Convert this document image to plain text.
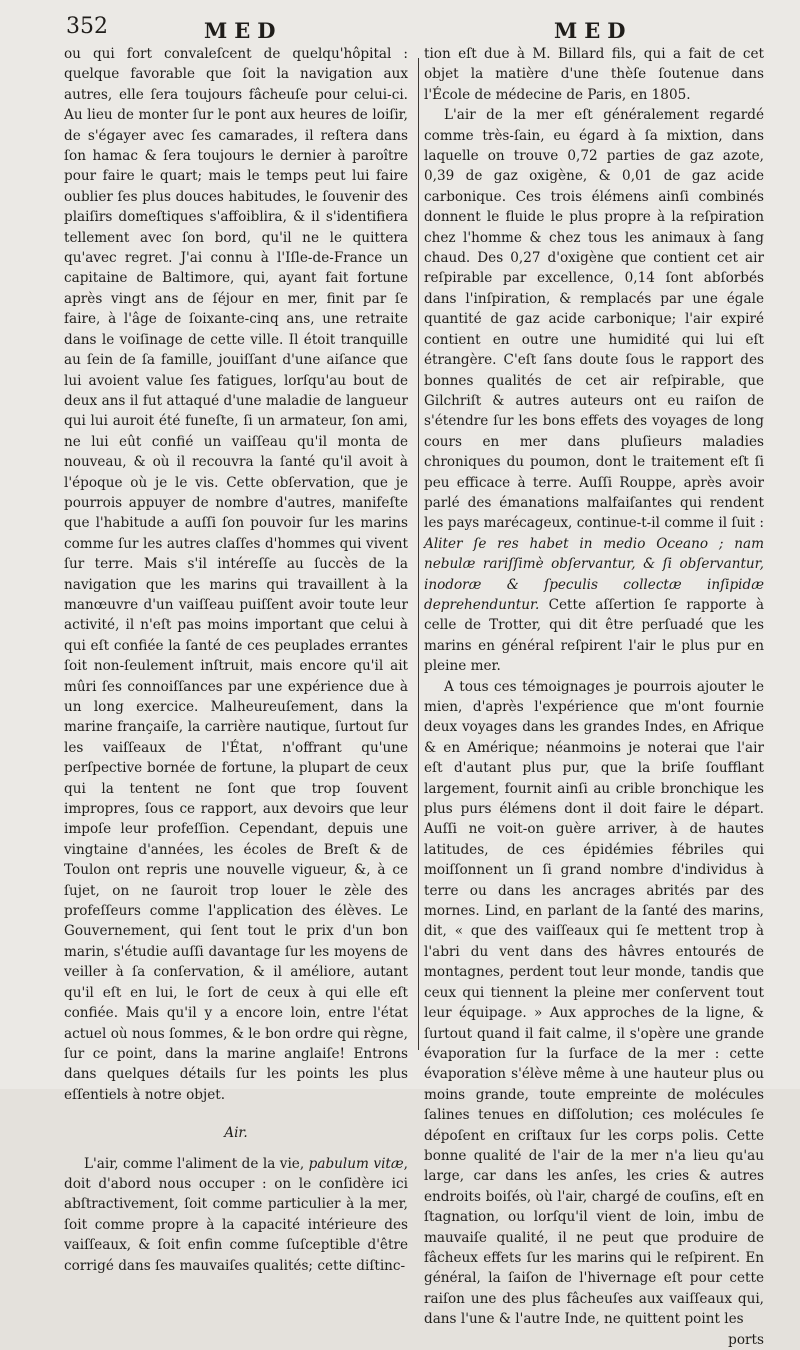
352	MED	MED

ou qui fort convaleſcent de quelqu'hôpital : quelque favorable que ſoit la navigation aux autres, elle ſera toujours fâcheuſe pour celui-ci. Au lieu de monter ſur le pont aux heures de loiſir, de s'égayer avec ſes camarades, il reſtera dans ſon hamac & ſera toujours le dernier à paroître pour faire le quart; mais le temps peut lui faire oublier ſes plus douces habitudes, le ſouvenir des plaiſirs domeſtiques s'affoiblira, & il s'identifiera tellement avec ſon bord, qu'il ne le quittera qu'avec regret. J'ai connu à l'Iſle-de-France un capitaine de Baltimore, qui, ayant fait fortune après vingt ans de ſéjour en mer, finit par ſe faire, à l'âge de ſoixante-cinq ans, une retraite dans le voiſinage de cette ville. Il étoit tranquille au ſein de ſa famille, jouiſſant d'une aiſance que lui avoient value ſes fatigues, lorſqu'au bout de deux ans il fut attaqué d'une maladie de langueur qui lui auroit été funeſte, ſi un armateur, ſon ami, ne lui eût confié un vaiſſeau qu'il monta de nouveau, & où il recouvra la ſanté qu'il avoit à l'époque où je le vis. Cette obſervation, que je pourrois appuyer de nombre d'autres, manifeſte que l'habitude a auſſi ſon pouvoir ſur les marins comme ſur les autres claſſes d'hommes qui vivent ſur terre. Mais s'il intéreſſe au ſuccès de la navigation que les marins qui travaillent à la manœuvre d'un vaiſſeau puiſſent avoir toute leur activité, il n'eſt pas moins important que celui à qui eſt confiée la ſanté de ces peuplades errantes ſoit non-ſeulement inſtruit, mais encore qu'il ait mûri ſes connoiſſances par une expérience due à un long exercice. Malheureuſement, dans la marine françaiſe, la carrière nautique, ſurtout ſur les vaiſſeaux de l'État, n'offrant qu'une perſpective bornée de fortune, la plupart de ceux qui la tentent ne ſont que trop ſouvent impropres, ſous ce rapport, aux devoirs que leur impoſe leur profeſſion. Cependant, depuis une vingtaine d'années, les écoles de Breſt & de Toulon ont repris une nouvelle vigueur, &, à ce ſujet, on ne ſauroit trop louer le zèle des profeſſeurs comme l'application des élèves. Le Gouvernement, qui ſent tout le prix d'un bon marin, s'étudie auſſi davantage ſur les moyens de veiller à ſa conſervation, & il améliore, autant qu'il eſt en lui, le ſort de ceux à qui elle eſt confiée. Mais qu'il y a encore loin, entre l'état actuel où nous ſommes, & le bon ordre qui règne, ſur ce point, dans la marine anglaiſe! Entrons dans quelques détails ſur les points les plus eſſentiels à notre objet.

Air.

L'air, comme l'aliment de la vie, pabulum vitæ, doit d'abord nous occuper : on le conſidère ici abſtractivement, ſoit comme particulier à la mer, ſoit comme propre à la capacité intérieure des vaiſſeaux, & ſoit enfin comme ſuſceptible d'être corrigé dans ſes mauvaiſes qualités; cette diſtinc-

tion eſt due à M. Billard fils, qui a fait de cet objet la matière d'une thèſe ſoutenue dans l'École de médecine de Paris, en 1805.

L'air de la mer eſt généralement regardé comme très-ſain, eu égard à ſa mixtion, dans laquelle on trouve 0,72 parties de gaz azote, 0,39 de gaz oxigène, & 0,01 de gaz acide carbonique. Ces trois élémens ainſi combinés donnent le fluide le plus propre à la reſpiration chez l'homme & chez tous les animaux à ſang chaud. Des 0,27 d'oxigène que contient cet air reſpirable par excellence, 0,14 ſont abſorbés dans l'inſpiration, & remplacés par une égale quantité de gaz acide carbonique; l'air expiré contient en outre une humidité qui lui eſt étrangère. C'eſt ſans doute ſous le rapport des bonnes qualités de cet air reſpirable, que Gilchriſt & autres auteurs ont eu raiſon de s'étendre ſur les bons effets des voyages de long cours en mer dans pluſieurs maladies chroniques du poumon, dont le traitement eſt ſi peu efficace à terre. Auſſi Rouppe, après avoir parlé des émanations malfaiſantes qui rendent les pays marécageux, continue-t-il comme il ſuit : Aliter ſe res habet in medio Oceano ; nam nebulæ rariſſimè obſervantur, & ſi obſervantur, inodoræ & ſpeculis collectæ inſipidæ deprehenduntur. Cette aſſertion ſe rapporte à celle de Trotter, qui dit être perſuadé que les marins en général reſpirent l'air le plus pur en pleine mer.

A tous ces témoignages je pourrois ajouter le mien, d'après l'expérience que m'ont fournie deux voyages dans les grandes Indes, en Afrique & en Amérique; néanmoins je noterai que l'air eſt d'autant plus pur, que la briſe ſoufflant largement, fournit ainſi au crible bronchique les plus purs élémens dont il doit faire le départ. Auſſi ne voit-on guère arriver, à de hautes latitudes, de ces épidémies fébriles qui moiſſonnent un ſi grand nombre d'individus à terre ou dans les ancrages abrités par des mornes. Lind, en parlant de la ſanté des marins, dit, « que des vaiſſeaux qui ſe mettent trop à l'abri du vent dans des hâvres entourés de montagnes, perdent tout leur monde, tandis que ceux qui tiennent la pleine mer conſervent tout leur équipage. » Aux approches de la ligne, & ſurtout quand il fait calme, il s'opère une grande évaporation ſur la ſurface de la mer : cette évaporation s'élève même à une hauteur plus ou moins grande, toute empreinte de molécules ſalines tenues en diſſolution; ces molécules ſe dépoſent en criſtaux ſur les corps polis. Cette bonne qualité de l'air de la mer n'a lieu qu'au large, car dans les anſes, les cries & autres endroits boiſés, où l'air, chargé de couſins, eſt en ſtagnation, ou lorſqu'il vient de loin, imbu de mauvaiſe qualité, il ne peut que produire de fâcheux effets ſur les marins qui le reſpirent. En général, la ſaiſon de l'hivernage eſt pour cette raiſon une des plus fâcheuſes aux vaiſſeaux qui, dans l'une & l'autre Inde, ne quittent point les

ports
